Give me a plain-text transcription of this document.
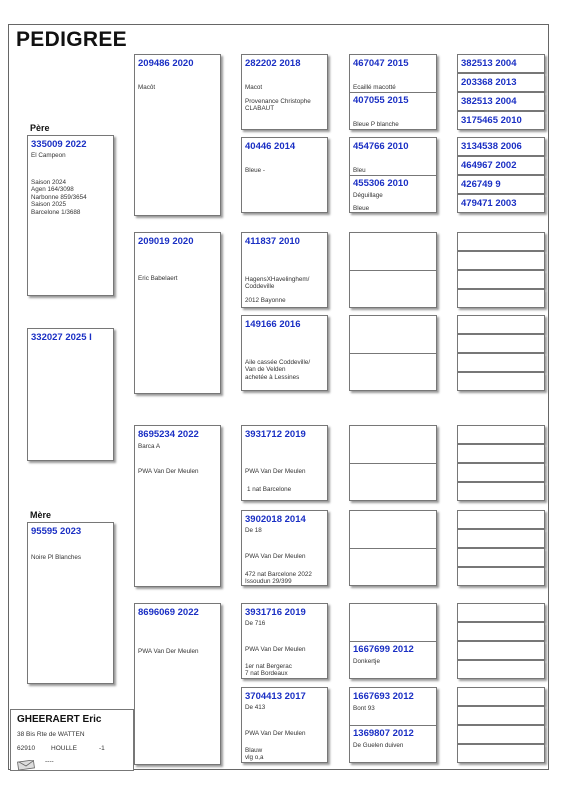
PEDIGREE
Père
335009 2022
El Campeon
Saison 2024
Agen 164/3098
Narbonne 859/3654
Saison 2025
Barcelone 1/3688
332027 2025 I
Mère
95595 2023
Noire Pl Blanches
209486 2020
Macôt
209019 2020
Eric Babelaert
8695234 2022
Barca A
PWA Van Der Meulen
8696069 2022
PWA Van Der Meulen
282202 2018
Macot
Provenance Christophe
CLABAUT
40446 2014
Bleue -
411837 2010
HagensXHavelinghem/
Coddeville
2012 Bayonne
149166 2016
Aile cassée Coddeville/
Van de Velden
achetée à Lessines
3931712 2019
PWA Van Der Meulen
1 nat Barcelone
3902018 2014
De 18
PWA Van Der Meulen
472 nat Barcelone 2022
Issoudun 29/399
3931716 2019
De 716
PWA Van Der Meulen
1er nat Bergerac
7 nat Bordeaux
3704413 2017
De 413
PWA Van Der Meulen
Blauw
vlg o,a
467047 2015
Ecaillé macotté
407055 2015
Bleue P blanche
454766 2010
Bleu
455306 2010
Déguillage
Bleue
1667699 2012
Donkertje
1667693 2012
Bont 93
1369807 2012
De Guelen duiven
382513 2004
203368 2013
382513 2004
3175465 2010
3134538 2006
464967 2002
426749 9
479471 2003
GHEERAERT Eric
38 Bis Rte de WATTEN
62910 HOULLE	-1
----
